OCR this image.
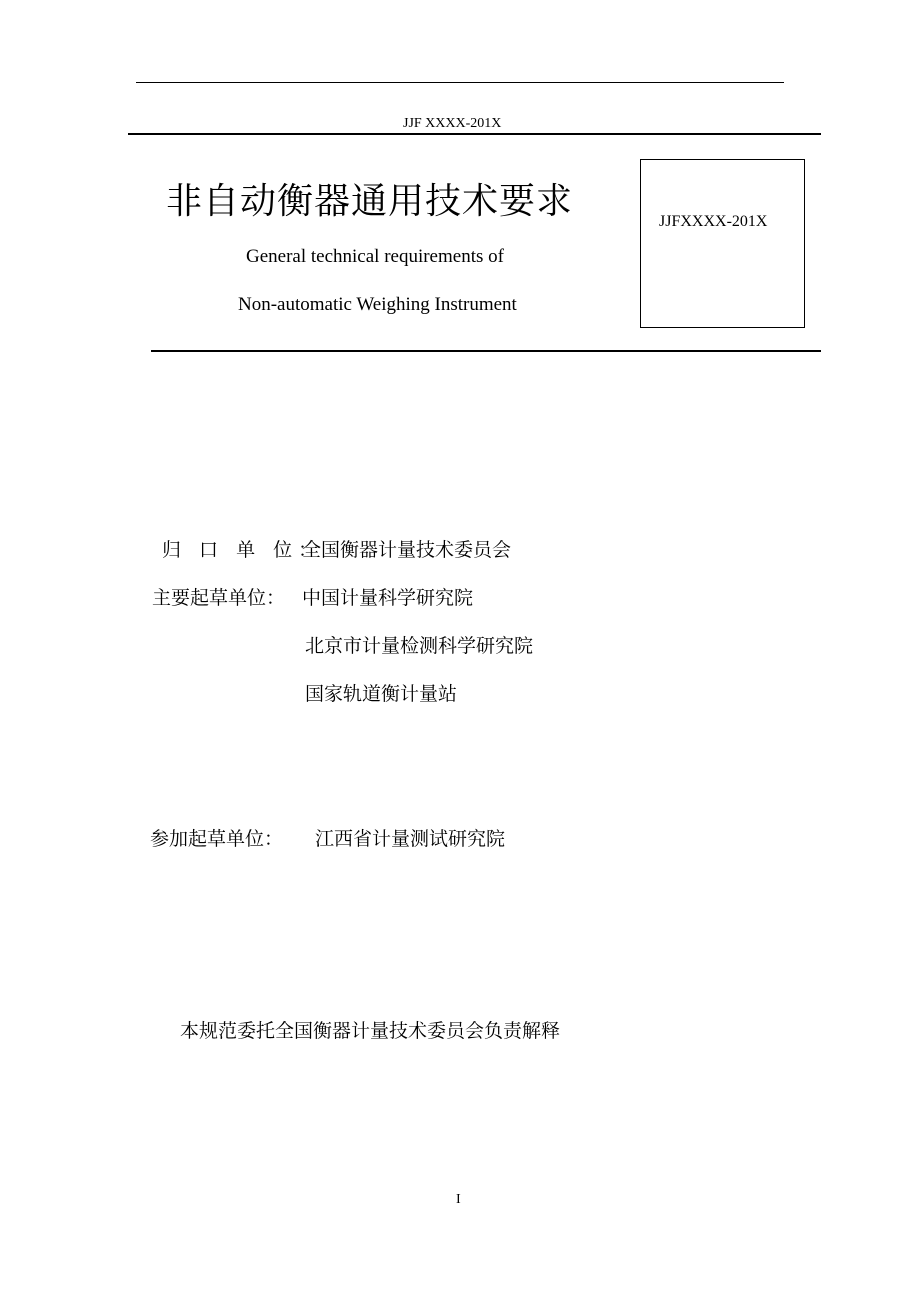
JJF XXXX-201X
非自动衡器通用技术要求
General technical requirements of
Non-automatic Weighing Instrument
JJFXXXX-201X
归 口 单 位：
全国衡器计量技术委员会
主要起草单位： 中国计量科学研究院
北京市计量检测科学研究院
国家轨道衡计量站
参加起草单位： 江西省计量测试研究院
本规范委托全国衡器计量技术委员会负责解释
I
